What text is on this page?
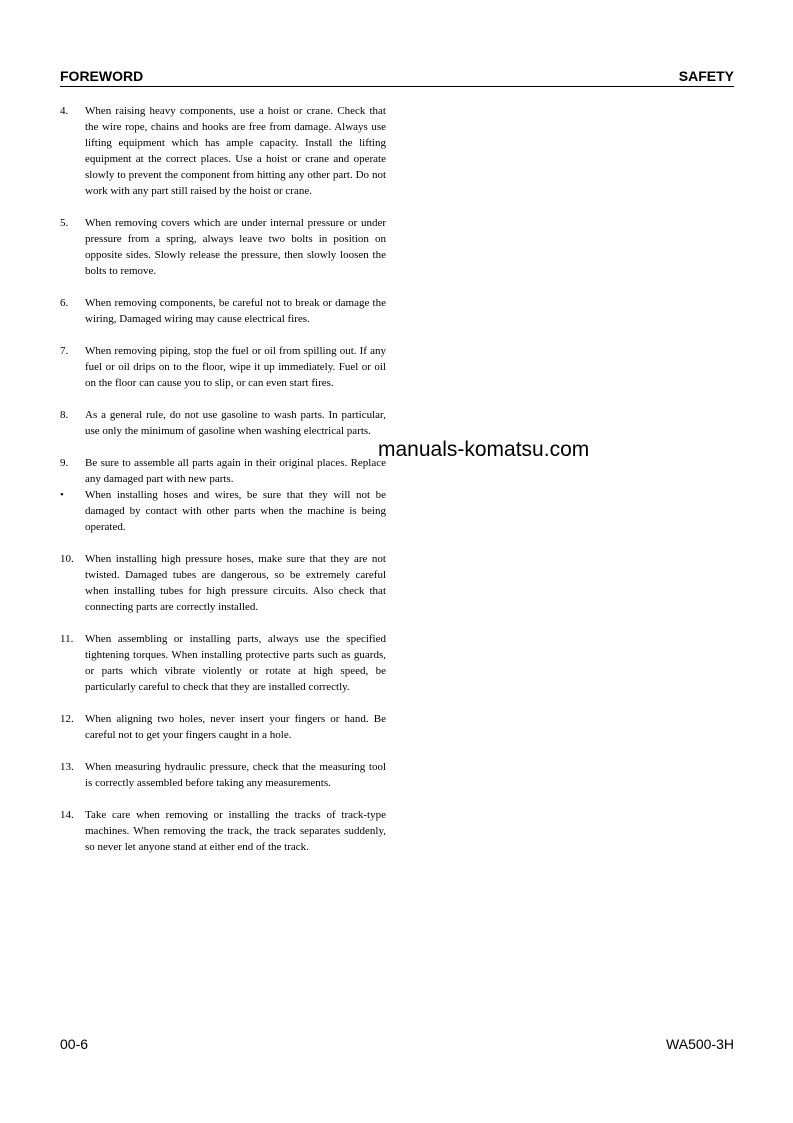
FOREWORD	SAFETY
4. When raising heavy components, use a hoist or crane. Check that the wire rope, chains and hooks are free from damage. Always use lifting equipment which has ample capacity. Install the lifting equipment at the correct places. Use a hoist or crane and operate slowly to prevent the component from hitting any other part. Do not work with any part still raised by the hoist or crane.
5. When removing covers which are under internal pressure or under pressure from a spring, always leave two bolts in position on opposite sides. Slowly release the pressure, then slowly loosen the bolts to remove.
6. When removing components, be careful not to break or damage the wiring, Damaged wiring may cause electrical fires.
7. When removing piping, stop the fuel or oil from spilling out. If any fuel or oil drips on to the floor, wipe it up immediately. Fuel or oil on the floor can cause you to slip, or can even start fires.
8. As a general rule, do not use gasoline to wash parts. In particular, use only the minimum of gasoline when washing electrical parts.
9. Be sure to assemble all parts again in their original places. Replace any damaged part with new parts.
• When installing hoses and wires, be sure that they will not be damaged by contact with other parts when the machine is being operated.
10. When installing high pressure hoses, make sure that they are not twisted. Damaged tubes are dangerous, so be extremely careful when installing tubes for high pressure circuits. Also check that connecting parts are correctly installed.
11. When assembling or installing parts, always use the specified tightening torques. When installing protective parts such as guards, or parts which vibrate violently or rotate at high speed, be particularly careful to check that they are installed correctly.
12. When aligning two holes, never insert your fingers or hand. Be careful not to get your fingers caught in a hole.
13. When measuring hydraulic pressure, check that the measuring tool is correctly assembled before taking any measurements.
14. Take care when removing or installing the tracks of track-type machines. When removing the track, the track separates suddenly, so never let anyone stand at either end of the track.
manuals-komatsu.com
00-6	WA500-3H
